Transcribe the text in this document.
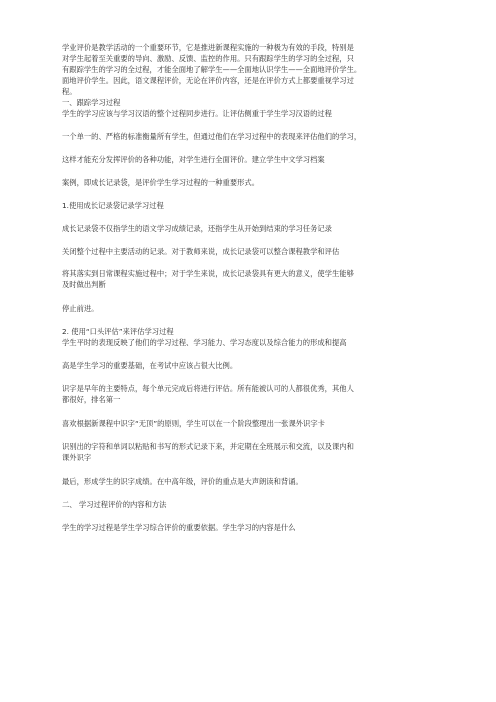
学业评价是教学活动的一个重要环节，它是推进新课程实施的一种极为有效的手段，特别是
对学生起着至关重要的导向、激励、反馈、监控的作用。只有跟踪学生的学习的全过程，只
有跟踪学生的学习的全过程，才能全面地了解学生——全面地认识学生——全面地评价学生。
面地评价学生。因此，语文课程评价，无论在评价内容，还是在评价方式上都要重视学习过
程。
一、跟踪学习过程
学生的学习应该与学习汉语的整个过程同步进行。让评估侧重于学生学习汉语的过程
一个单一的、严格的标准衡量所有学生，但通过他们在学习过程中的表现来评估他们的学习，
这样才能充分发挥评价的各种功能，对学生进行全面评价。建立学生中文学习档案
案例，即成长记录袋，是评价学生学习过程的一种重要形式。
1.使用成长记录袋记录学习过程
成长记录袋不仅指学生的语文学习成绩记录，还指学生从开始到结束的学习任务记录
关闭整个过程中主要活动的记录。对于教师来说，成长记录袋可以整合课程教学和评估
将其落实到日常课程实施过程中；对于学生来说，成长记录袋具有更大的意义，使学生能够
及时做出判断
停止前进。
2. 使用“口头评估”来评估学习过程
学生平时的表现反映了他们的学习过程、学习能力、学习态度以及综合能力的形成和提高
高是学生学习的重要基础，在考试中应该占很大比例。
识字是早年的主要特点，每个单元完成后将进行评估。所有能被认可的人都很优秀，其他人
都很好，排名第一
喜欢根据新课程中识字“无顶”的原则，学生可以在一个阶段整理出一张课外识字卡
识别出的字符和单词以粘贴和书写的形式记录下来，并定期在全班展示和交流，以及课内和
课外识字
最后，形成学生的识字成绩。在中高年级，评价的重点是大声朗读和背诵。
二、 学习过程评价的内容和方法
学生的学习过程是学生学习综合评价的重要依据。学生学习的内容是什么
